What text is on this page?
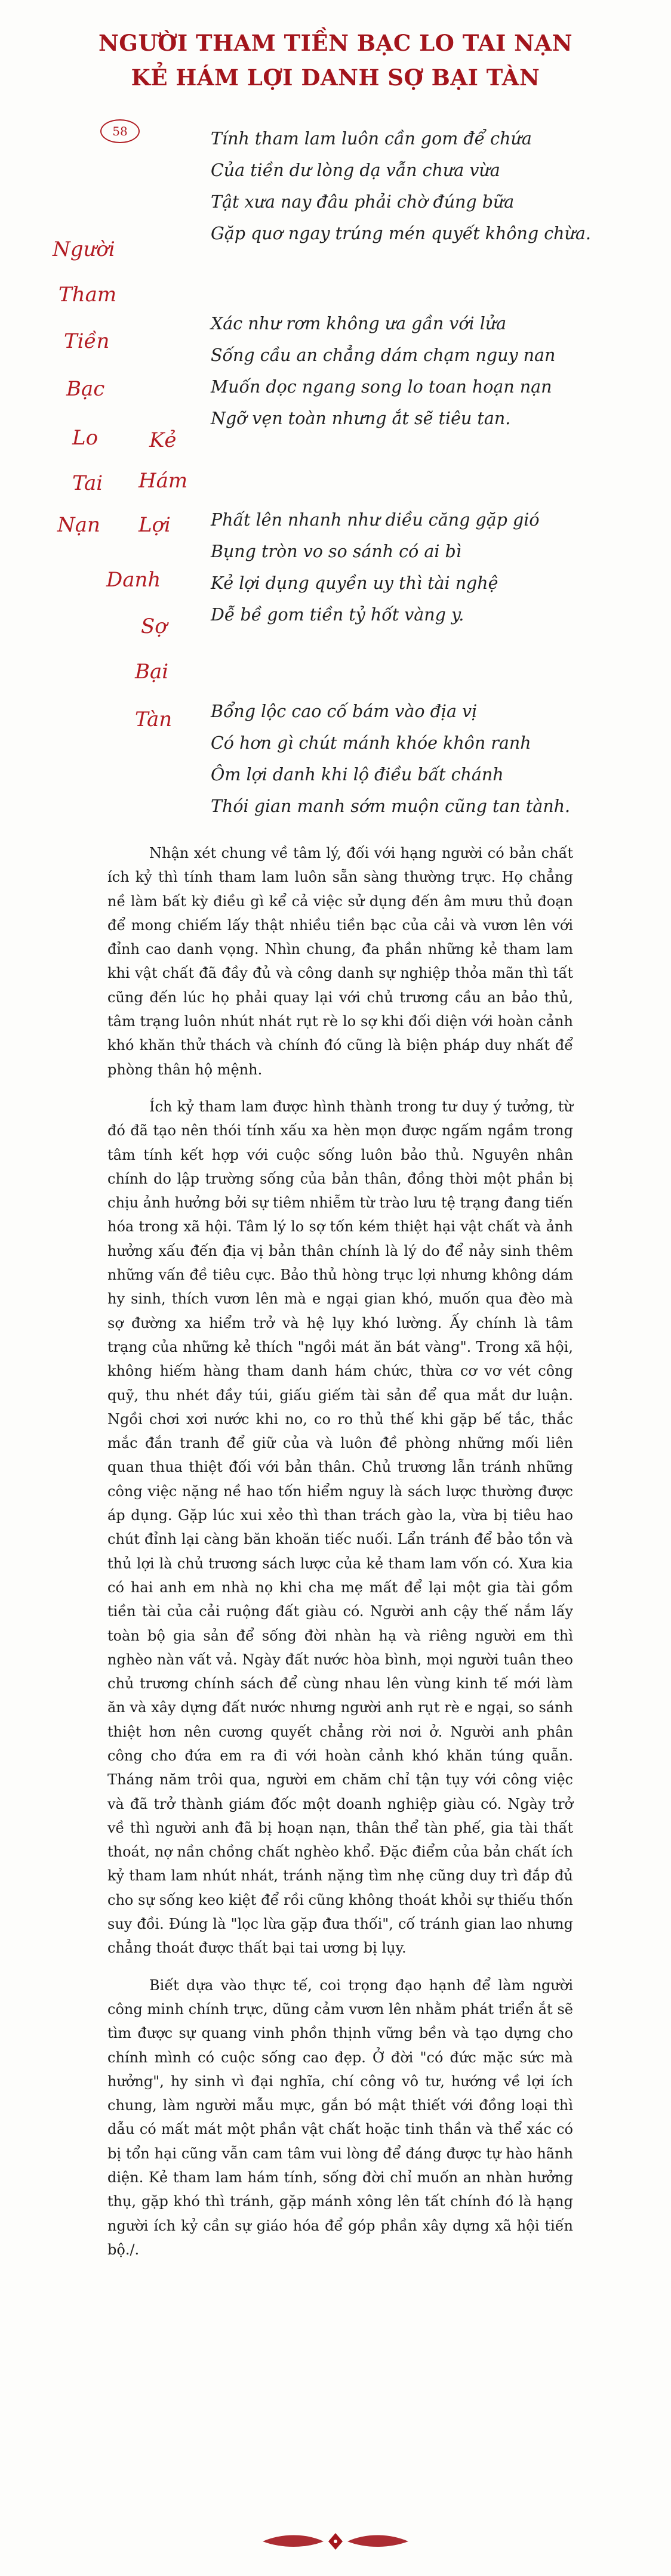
NGƯỜI THAM TIỀN BẠC LO TAI NẠN
KẺ HÁM LỢI DANH SỢ BẠI TÀN
58
Người
Tham
Tiền
Bạc
Lo
Tai
Nạn
Kẻ
Hám
Lợi
Danh
Sợ
Bại
Tàn

Tính tham lam luôn cần gom để chứa

Của tiền dư lòng dạ vẫn chưa vừa

Tật xưa nay đâu phải chờ đúng bữa

Gặp quơ ngay trúng mén quyết không chừa.

Xác như rơm không ưa gần với lửa

Sống cầu an chẳng dám chạm nguy nan

Muốn dọc ngang song lo toan hoạn nạn

Ngỡ vẹn toàn nhưng ắt sẽ tiêu tan.

Phất lên nhanh như diều căng gặp gió

Bụng tròn vo so sánh có ai bì

Kẻ lợi dụng quyền uy thì tài nghệ

Dễ bề gom tiền tỷ hốt vàng y.

Bổng lộc cao cố bám vào địa vị

Có hơn gì chút mánh khóe khôn ranh

Ôm lợi danh khi lộ điều bất chánh

Thói gian manh sớm muộn cũng tan tành.

Nhận xét chung về tâm lý, đối với hạng người có bản chất ích kỷ thì tính tham lam luôn sẵn sàng thường trực. Họ chẳng nề làm bất kỳ điều gì kể cả việc sử dụng đến âm mưu thủ đoạn để mong chiếm lấy thật nhiều tiền bạc của cải và vươn lên với đỉnh cao danh vọng. Nhìn chung, đa phần những kẻ tham lam khi vật chất đã đầy đủ và công danh sự nghiệp thỏa mãn thì tất cũng đến lúc họ phải quay lại với chủ trương cầu an bảo thủ, tâm trạng luôn nhút nhát rụt rè lo sợ khi đối diện với hoàn cảnh khó khăn thử thách và chính đó cũng là biện pháp duy nhất để phòng thân hộ mệnh.

Ích kỷ tham lam được hình thành trong tư duy ý tưởng, từ đó đã tạo nên thói tính xấu xa hèn mọn được ngấm ngầm trong tâm tính kết hợp với cuộc sống luôn bảo thủ. Nguyên nhân chính do lập trường sống của bản thân, đồng thời một phần bị chịu ảnh hưởng bởi sự tiêm nhiễm từ trào lưu tệ trạng đang tiến hóa trong xã hội. Tâm lý lo sợ tốn kém thiệt hại vật chất và ảnh hưởng xấu đến địa vị bản thân chính là lý do để nảy sinh thêm những vấn đề tiêu cực. Bảo thủ hòng trục lợi nhưng không dám hy sinh, thích vươn lên mà e ngại gian khó, muốn qua đèo mà sợ đường xa hiểm trở và hệ lụy khó lường. Ấy chính là tâm trạng của những kẻ thích "ngồi mát ăn bát vàng". Trong xã hội, không hiếm hàng tham danh hám chức, thừa cơ vơ vét công quỹ, thu nhét đầy túi, giấu giếm tài sản để qua mắt dư luận. Ngồi chơi xơi nước khi no, co ro thủ thế khi gặp bế tắc, thắc mắc đắn tranh để giữ của và luôn đề phòng những mối liên quan thua thiệt đối với bản thân. Chủ trương lẫn tránh những công việc nặng nề hao tốn hiểm nguy là sách lược thường được áp dụng. Gặp lúc xui xẻo thì than trách gào la, vừa bị tiêu hao chút đỉnh lại càng băn khoăn tiếc nuối. Lẩn tránh để bảo tồn và thủ lợi là chủ trương sách lược của kẻ tham lam vốn có. Xưa kia có hai anh em nhà nọ khi cha mẹ mất để lại một gia tài gồm tiền tài của cải ruộng đất giàu có. Người anh cậy thế nắm lấy toàn bộ gia sản để sống đời nhàn hạ và riêng người em thì nghèo nàn vất vả. Ngày đất nước hòa bình, mọi người tuân theo chủ trương chính sách để cùng nhau lên vùng kinh tế mới làm ăn và xây dựng đất nước nhưng người anh rụt rè e ngại, so sánh thiệt hơn nên cương quyết chẳng rời nơi ở. Người anh phân công cho đứa em ra đi với hoàn cảnh khó khăn túng quẫn. Tháng năm trôi qua, người em chăm chỉ tận tụy với công việc và đã trở thành giám đốc một doanh nghiệp giàu có. Ngày trở về thì người anh đã bị hoạn nạn, thân thể tàn phế, gia tài thất thoát, nợ nần chồng chất nghèo khổ. Đặc điểm của bản chất ích kỷ tham lam nhút nhát, tránh nặng tìm nhẹ cũng duy trì đắp đủ cho sự sống keo kiệt để rồi cũng không thoát khỏi sự thiếu thốn suy đồi. Đúng là "lọc lừa gặp đưa thối", cố tránh gian lao nhưng chẳng thoát được thất bại tai ương bị lụy.

Biết dựa vào thực tế, coi trọng đạo hạnh để làm người công minh chính trực, dũng cảm vươn lên nhằm phát triển ắt sẽ tìm được sự quang vinh phồn thịnh vững bền và tạo dựng cho chính mình có cuộc sống cao đẹp. Ở đời "có đức mặc sức mà hưởng", hy sinh vì đại nghĩa, chí công vô tư, hướng về lợi ích chung, làm người mẫu mực, gắn bó mật thiết với đồng loại thì dẫu có mất mát một phần vật chất hoặc tinh thần và thể xác có bị tổn hại cũng vẫn cam tâm vui lòng để đáng được tự hào hãnh diện. Kẻ tham lam hám tính, sống đời chỉ muốn an nhàn hưởng thụ, gặp khó thì tránh, gặp mánh xông lên tất chính đó là hạng người ích kỷ cần sự giáo hóa để góp phần xây dựng xã hội tiến bộ./.
